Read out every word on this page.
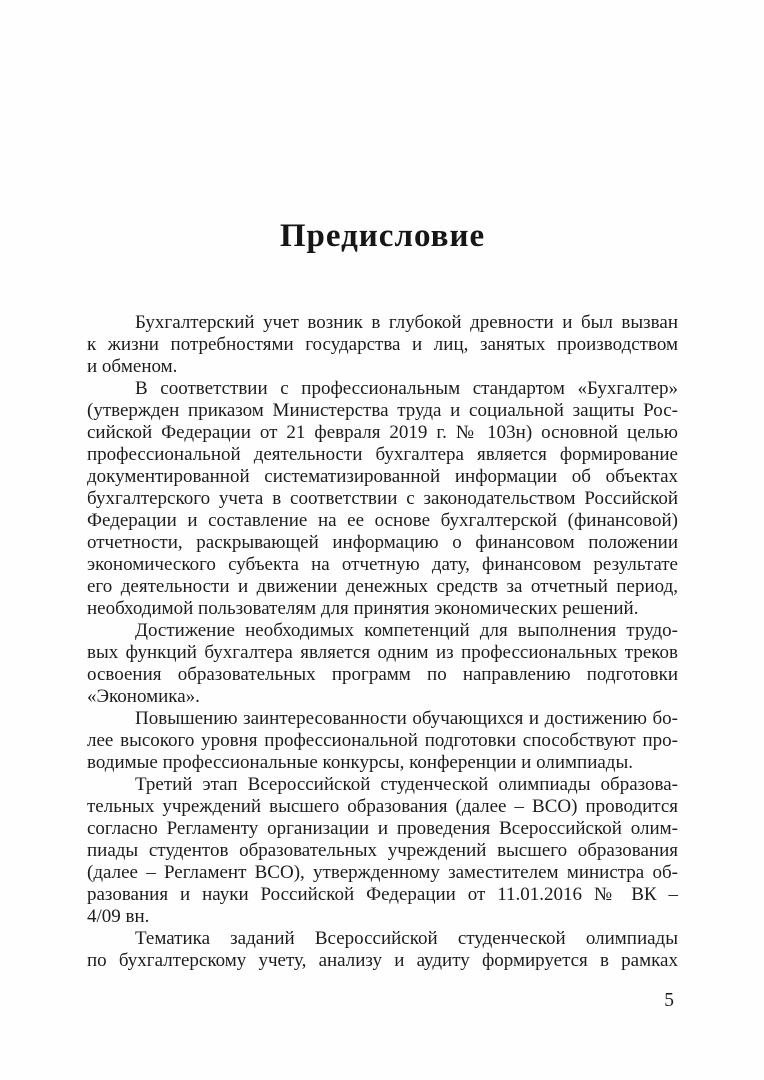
Предисловие
Бухгалтерский учет возник в глубокой древности и был вызван
к жизни потребностями государства и лиц, занятых производством
и обменом.
В соответствии с профессиональным стандартом «Бухгалтер»
(утвержден приказом Министерства труда и социальной защиты Рос-
сийской Федерации от 21 февраля 2019 г. № 103н) основной целью
профессиональной деятельности бухгалтера является формирование
документированной систематизированной информации об объектах
бухгалтерского учета в соответствии с законодательством Российской
Федерации и составление на ее основе бухгалтерской (финансовой)
отчетности, раскрывающей информацию о финансовом положении
экономического субъекта на отчетную дату, финансовом результате
его деятельности и движении денежных средств за отчетный период,
необходимой пользователям для принятия экономических решений.
Достижение необходимых компетенций для выполнения трудо-
вых функций бухгалтера является одним из профессиональных треков
освоения образовательных программ по направлению подготовки
«Экономика».
Повышению заинтересованности обучающихся и достижению бо-
лее высокого уровня профессиональной подготовки способствуют про-
водимые профессиональные конкурсы, конференции и олимпиады.
Третий этап Всероссийской студенческой олимпиады образова-
тельных учреждений высшего образования (далее – ВСО) проводится
согласно Регламенту организации и проведения Всероссийской олим-
пиады студентов образовательных учреждений высшего образования
(далее – Регламент ВСО), утвержденному заместителем министра об-
разования и науки Российской Федерации от 11.01.2016 № ВК –
4/09 вн.
Тематика заданий Всероссийской студенческой олимпиады
по бухгалтерскому учету, анализу и аудиту формируется в рамках
5
